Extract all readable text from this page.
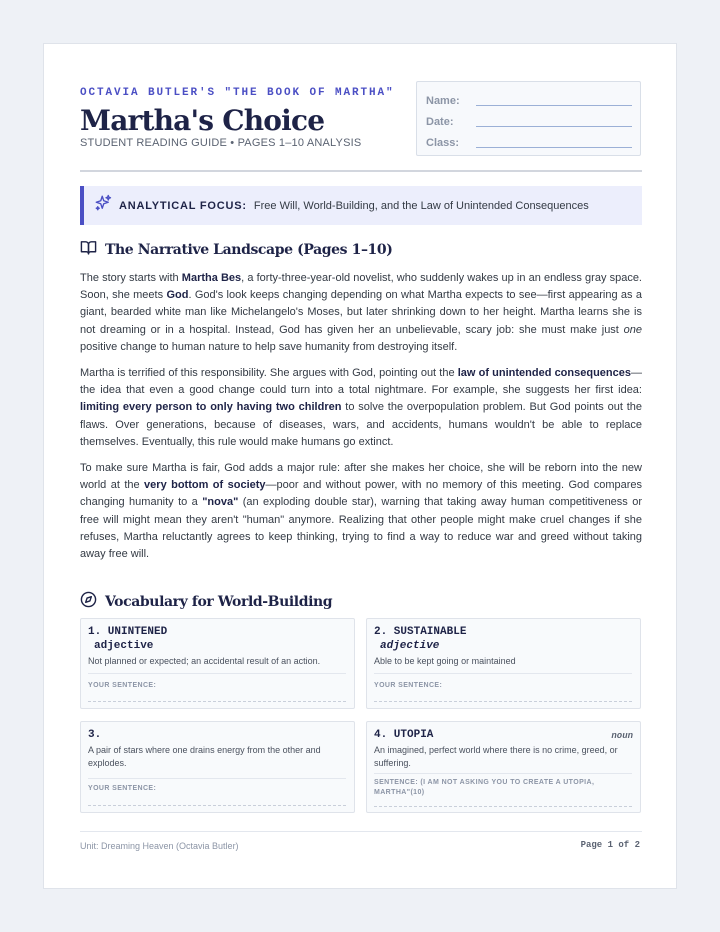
OCTAVIA BUTLER'S "THE BOOK OF MARTHA"
Martha's Choice
STUDENT READING GUIDE • PAGES 1–10 ANALYSIS
Name:
Date:
Class:
ANALYTICAL FOCUS: Free Will, World-Building, and the Law of Unintended Consequences
The Narrative Landscape (Pages 1–10)

The story starts with Martha Bes, a forty-three-year-old novelist, who suddenly wakes up in an endless gray space. Soon, she meets God. God's look keeps changing depending on what Martha expects to see—first appearing as a giant, bearded white man like Michelangelo's Moses, but later shrinking down to her height. Martha learns she is not dreaming or in a hospital. Instead, God has given her an unbelievable, scary job: she must make just one positive change to human nature to help save humanity from destroying itself.

Martha is terrified of this responsibility. She argues with God, pointing out the law of unintended consequences—the idea that even a good change could turn into a total nightmare. For example, she suggests her first idea: limiting every person to only having two children to solve the overpopulation problem. But God points out the flaws. Over generations, because of diseases, wars, and accidents, humans wouldn't be able to replace themselves. Eventually, this rule would make humans go extinct.

To make sure Martha is fair, God adds a major rule: after she makes her choice, she will be reborn into the new world at the very bottom of society—poor and without power, with no memory of this meeting. God compares changing humanity to a "nova" (an exploding double star), warning that taking away human competitiveness or free will might mean they aren't "human" anymore. Realizing that other people might make cruel changes if she refuses, Martha reluctantly agrees to keep thinking, trying to find a way to reduce war and greed without taking away free will.

Vocabulary for World-Building
1. UNINTENED
adjective
Not planned or expected; an accidental result of an action.
YOUR SENTENCE:
2. SUSTAINABLE
adjective
Able to be kept going or maintained
YOUR SENTENCE:
3.
A pair of stars where one drains energy from the other and explodes.
YOUR SENTENCE:
4. UTOPIA	noun
An imagined, perfect world where there is no crime, greed, or suffering.
SENTENCE: (I AM NOT ASKING YOU TO CREATE A UTOPIA, MARTHA"(10)
Unit: Dreaming Heaven (Octavia Butler)	Page 1 of 2
